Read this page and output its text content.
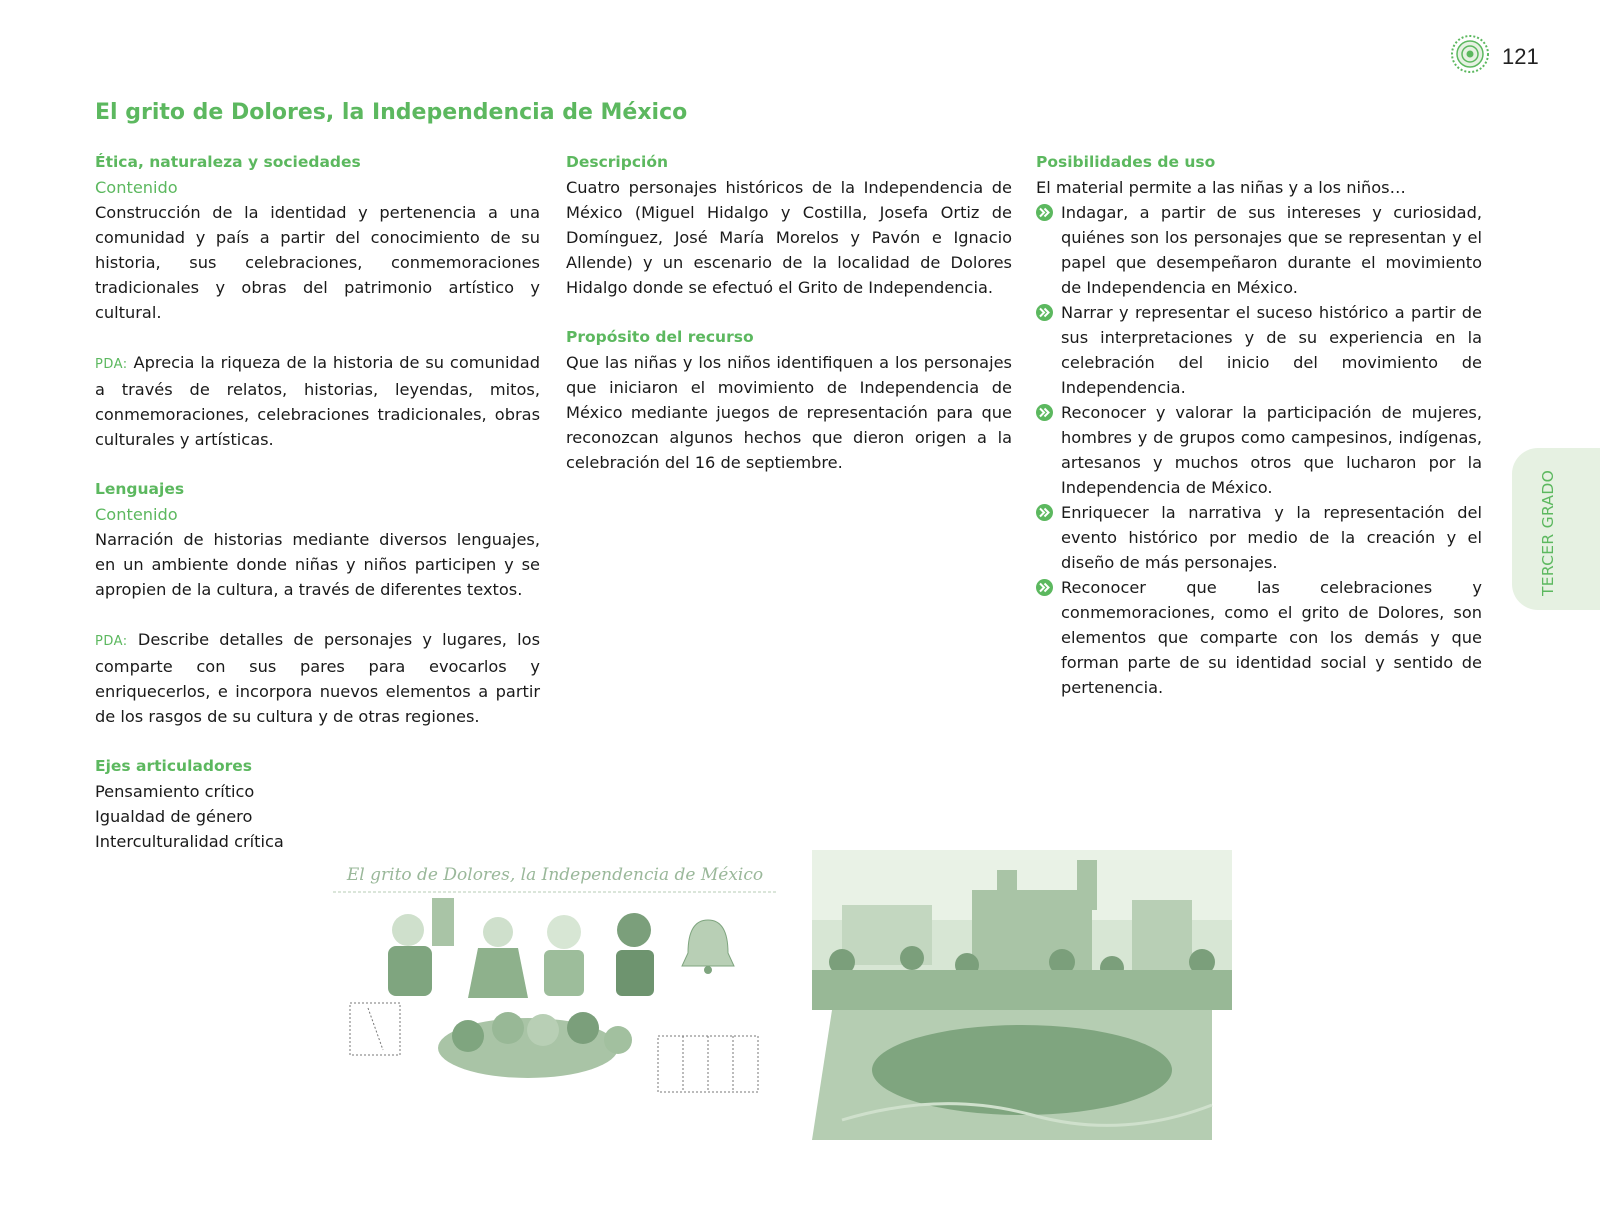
121
El grito de Dolores, la Independencia de México
Ética, naturaleza y sociedades
Contenido

Construcción de la identidad y pertenencia a una comunidad y país a partir del conocimiento de su historia, sus celebraciones, conmemoraciones tradicionales y obras del patrimonio artístico y cultural.

PDA: Aprecia la riqueza de la historia de su comunidad a través de relatos, historias, leyendas, mitos, conmemoraciones, celebraciones tradicionales, obras culturales y artísticas.

Lenguajes
Contenido

Narración de historias mediante diversos lenguajes, en un ambiente donde niñas y niños participen y se apropien de la cultura, a través de diferentes textos.

PDA: Describe detalles de personajes y lugares, los comparte con sus pares para evocarlos y enriquecerlos, e incorpora nuevos elementos a partir de los rasgos de su cultura y de otras regiones.

Ejes articuladores
Pensamiento crítico
Igualdad de género
Interculturalidad crítica
Descripción

Cuatro personajes históricos de la Independencia de México (Miguel Hidalgo y Costilla, Josefa Ortiz de Domínguez, José María Morelos y Pavón e Ignacio Allende) y un escenario de la localidad de Dolores Hidalgo donde se efectuó el Grito de Independencia.

Propósito del recurso

Que las niñas y los niños identifiquen a los personajes que iniciaron el movimiento de Independencia de México mediante juegos de representación para que reconozcan algunos hechos que dieron origen a la celebración del 16 de septiembre.

Posibilidades de uso
El material permite a las niñas y a los niños…
Indagar, a partir de sus intereses y curiosidad, quiénes son los personajes que se representan y el papel que desempeñaron durante el movimiento de Independencia en México.
Narrar y representar el suceso histórico a partir de sus interpretaciones y de su experiencia en la celebración del inicio del movimiento de Independencia.
Reconocer y valorar la participación de mujeres, hombres y de grupos como campesinos, indígenas, artesanos y muchos otros que lucharon por la Independencia de México.
Enriquecer la narrativa y la representación del evento histórico por medio de la creación y el diseño de más personajes.
Reconocer que las celebraciones y conmemoraciones, como el grito de Dolores, son elementos que comparte con los demás y que forman parte de su identidad social y sentido de pertenencia.
TERCER GRADO
El grito de Dolores, la Independencia de México
